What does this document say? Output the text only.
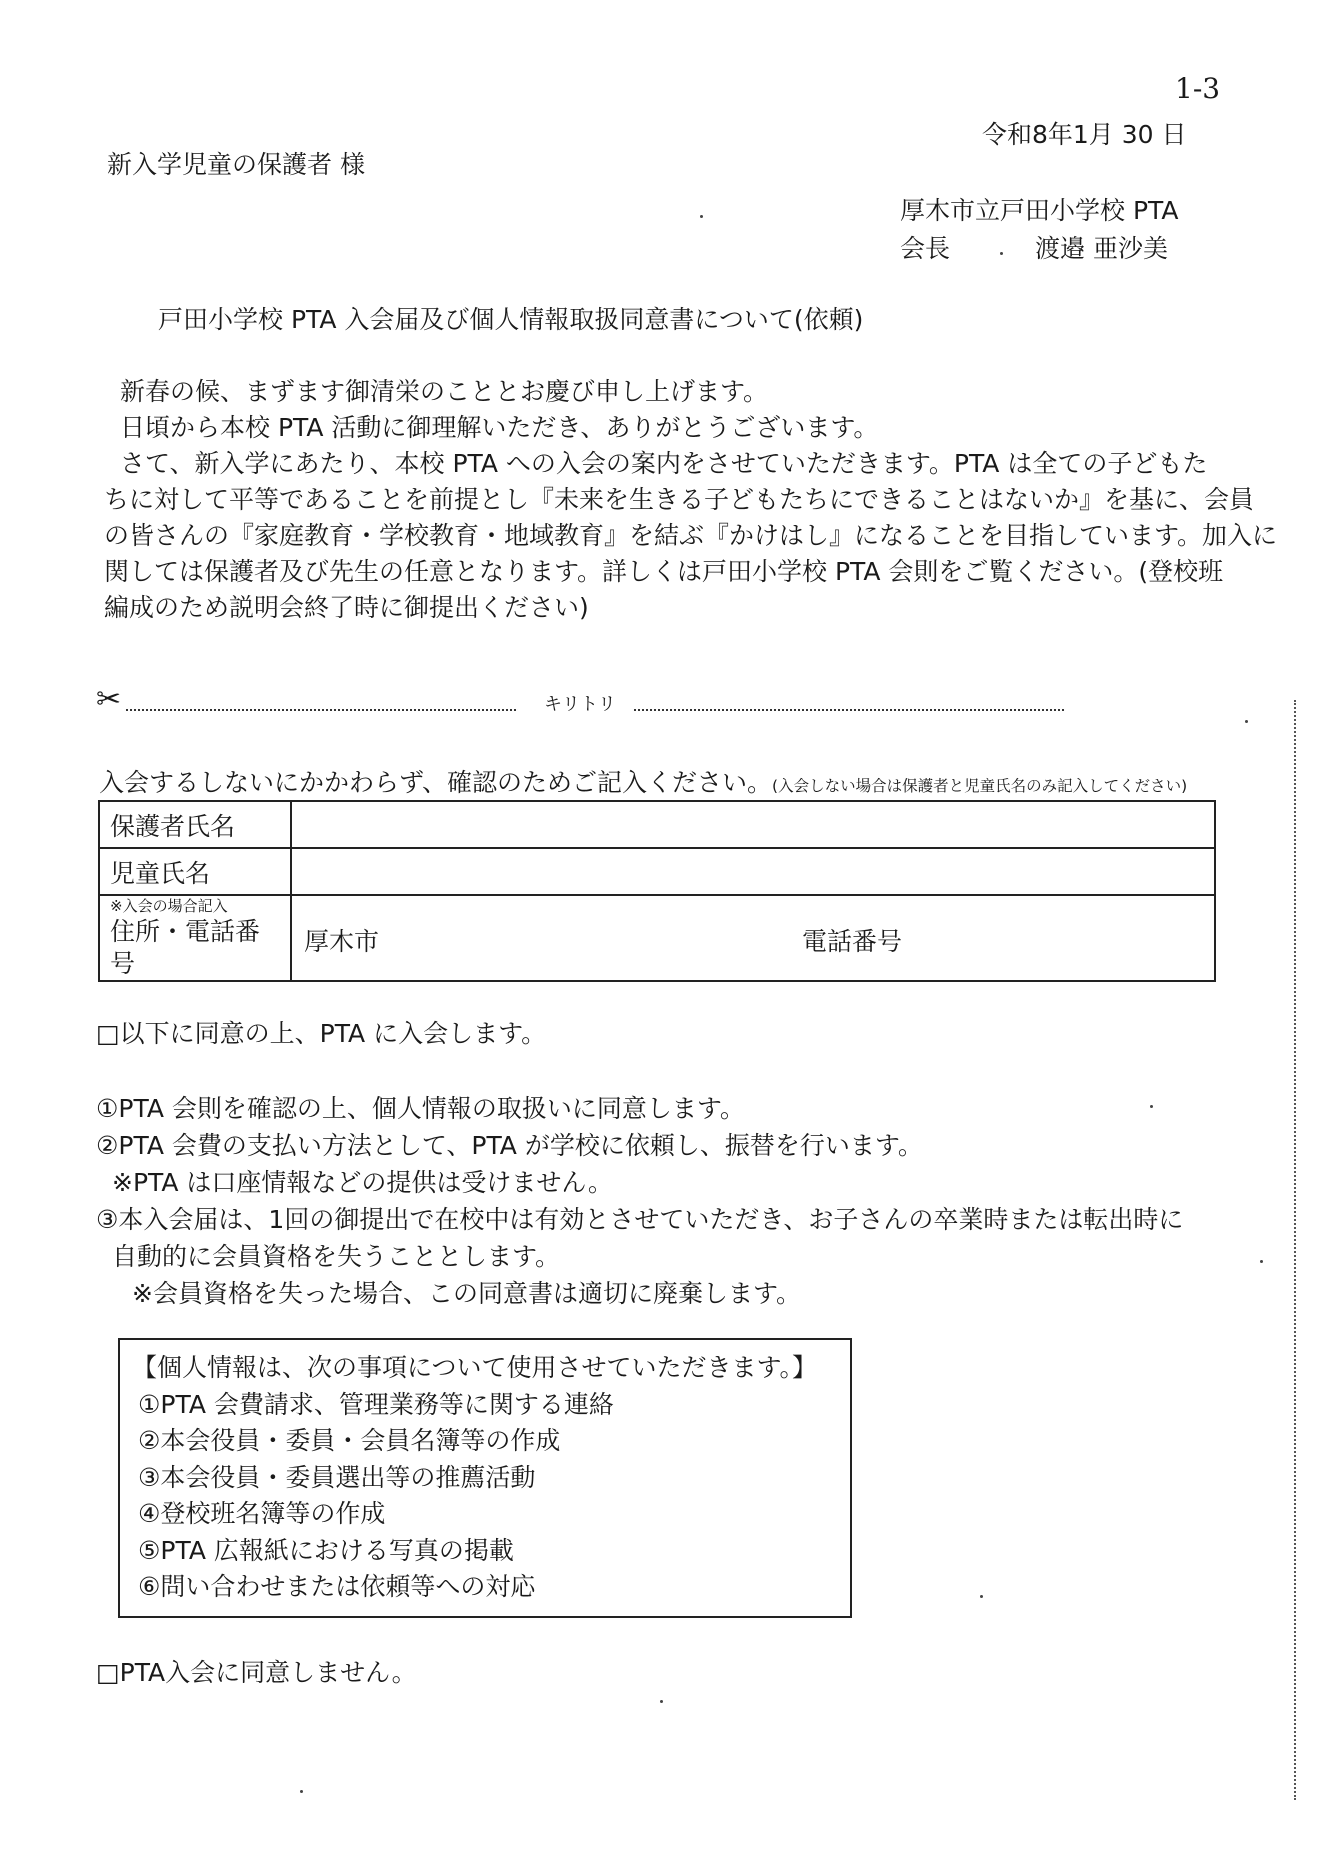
1-3
令和8年1月 30 日
新入学児童の保護者 様
厚木市立戸田小学校 PTA
会長	渡邉 亜沙美
戸田小学校 PTA 入会届及び個人情報取扱同意書について(依頼)
新春の候、まずます御清栄のこととお慶び申し上げます。
日頃から本校 PTA 活動に御理解いただき、ありがとうございます。
さて、新入学にあたり、本校 PTA への入会の案内をさせていただきます。PTA は全ての子どもた
ちに対して平等であることを前提とし『未来を生きる子どもたちにできることはないか』を基に、会員
の皆さんの『家庭教育・学校教育・地域教育』を結ぶ『かけはし』になることを目指しています。加入に
関しては保護者及び先生の任意となります。詳しくは戸田小学校 PTA 会則をご覧ください。(登校班
編成のため説明会終了時に御提出ください)
✂	キリトリ
入会するしないにかかわらず、確認のためご記入ください。(入会しない場合は保護者と児童氏名のみ記入してください)
保護者氏名	
児童氏名	

※入会の場合記入
住所・電話番号	厚木市 電話番号
□以下に同意の上、PTA に入会します。
①PTA 会則を確認の上、個人情報の取扱いに同意します。
②PTA 会費の支払い方法として、PTA が学校に依頼し、振替を行います。
※PTA は口座情報などの提供は受けません。
③本入会届は、1回の御提出で在校中は有効とさせていただき、お子さんの卒業時または転出時に
自動的に会員資格を失うこととします。
※会員資格を失った場合、この同意書は適切に廃棄します。
【個人情報は、次の事項について使用させていただきます。】
①PTA 会費請求、管理業務等に関する連絡
②本会役員・委員・会員名簿等の作成
③本会役員・委員選出等の推薦活動
④登校班名簿等の作成
⑤PTA 広報紙における写真の掲載
⑥問い合わせまたは依頼等への対応
□PTA入会に同意しません。
